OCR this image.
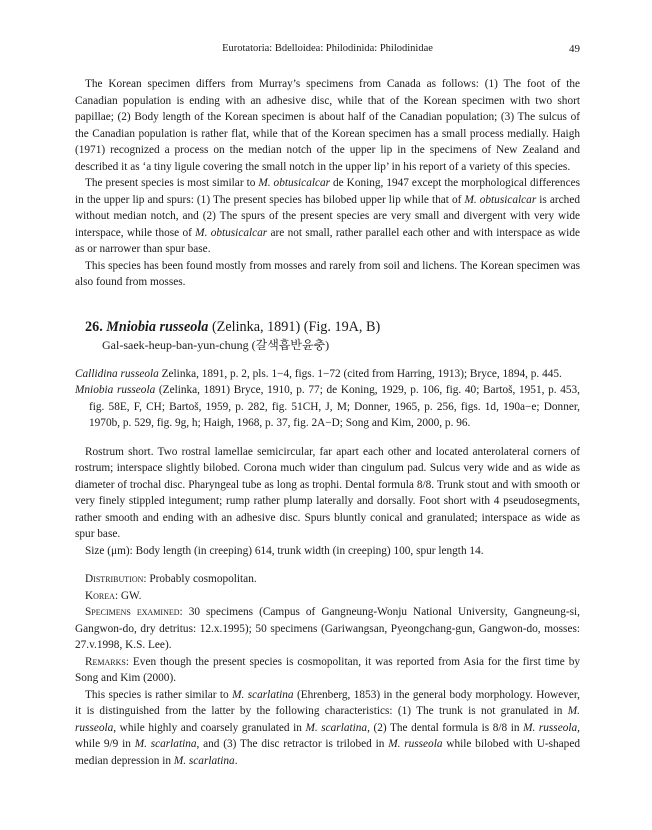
Eurotatoria: Bdelloidea: Philodinida: Philodinidae	49

The Korean specimen differs from Murray’s specimens from Canada as follows: (1) The foot of the Canadian population is ending with an adhesive disc, while that of the Korean specimen with two short papillae; (2) Body length of the Korean specimen is about half of the Canadian population; (3) The sulcus of the Canadian population is rather flat, while that of the Korean specimen has a small process medially. Haigh (1971) recognized a process on the median notch of the upper lip in the specimens of New Zealand and described it as ‘a tiny ligule covering the small notch in the upper lip’ in his report of a variety of this species.

The present species is most similar to M. obtusicalcar de Koning, 1947 except the morphological differences in the upper lip and spurs: (1) The present species has bilobed upper lip while that of M. obtusicalcar is arched without median notch, and (2) The spurs of the present species are very small and divergent with very wide interspace, while those of M. obtusicalcar are not small, rather parallel each other and with interspace as wide as or narrower than spur base.

This species has been found mostly from mosses and rarely from soil and lichens. The Korean specimen was also found from mosses.

26. Mniobia russeola (Zelinka, 1891) (Fig. 19A, B)

Gal-saek-heup-ban-yun-chung (갈색흡반윤충)

Callidina russeola Zelinka, 1891, p. 2, pls. 1−4, figs. 1−72 (cited from Harring, 1913); Bryce, 1894, p. 445.

Mniobia russeola (Zelinka, 1891) Bryce, 1910, p. 77; de Koning, 1929, p. 106, fig. 40; Bartoš, 1951, p. 453, fig. 58E, F, CH; Bartoš, 1959, p. 282, fig. 51CH, J, M; Donner, 1965, p. 256, figs. 1d, 190a−e; Donner, 1970b, p. 529, fig. 9g, h; Haigh, 1968, p. 37, fig. 2A−D; Song and Kim, 2000, p. 96.

Rostrum short. Two rostral lamellae semicircular, far apart each other and located anterolateral corners of rostrum; interspace slightly bilobed. Corona much wider than cingulum pad. Sulcus very wide and as wide as diameter of trochal disc. Pharyngeal tube as long as trophi. Dental formula 8/8. Trunk stout and with smooth or very finely stippled integument; rump rather plump laterally and dorsally. Foot short with 4 pseudosegments, rather smooth and ending with an adhesive disc. Spurs bluntly conical and granulated; interspace as wide as spur base.

Size (μm): Body length (in creeping) 614, trunk width (in creeping) 100, spur length 14.

Distribution: Probably cosmopolitan.

Korea: GW.

Specimens examined: 30 specimens (Campus of Gangneung-Wonju National University, Gangneung-si, Gangwon-do, dry detritus: 12.x.1995); 50 specimens (Gariwangsan, Pyeongchang-gun, Gangwon-do, mosses: 27.v.1998, K.S. Lee).

Remarks: Even though the present species is cosmopolitan, it was reported from Asia for the first time by Song and Kim (2000).

This species is rather similar to M. scarlatina (Ehrenberg, 1853) in the general body morphology. However, it is distinguished from the latter by the following characteristics: (1) The trunk is not granulated in M. russeola, while highly and coarsely granulated in M. scarlatina, (2) The dental formula is 8/8 in M. russeola, while 9/9 in M. scarlatina, and (3) The disc retractor is trilobed in M. russeola while bilobed with U-shaped median depression in M. scarlatina.
